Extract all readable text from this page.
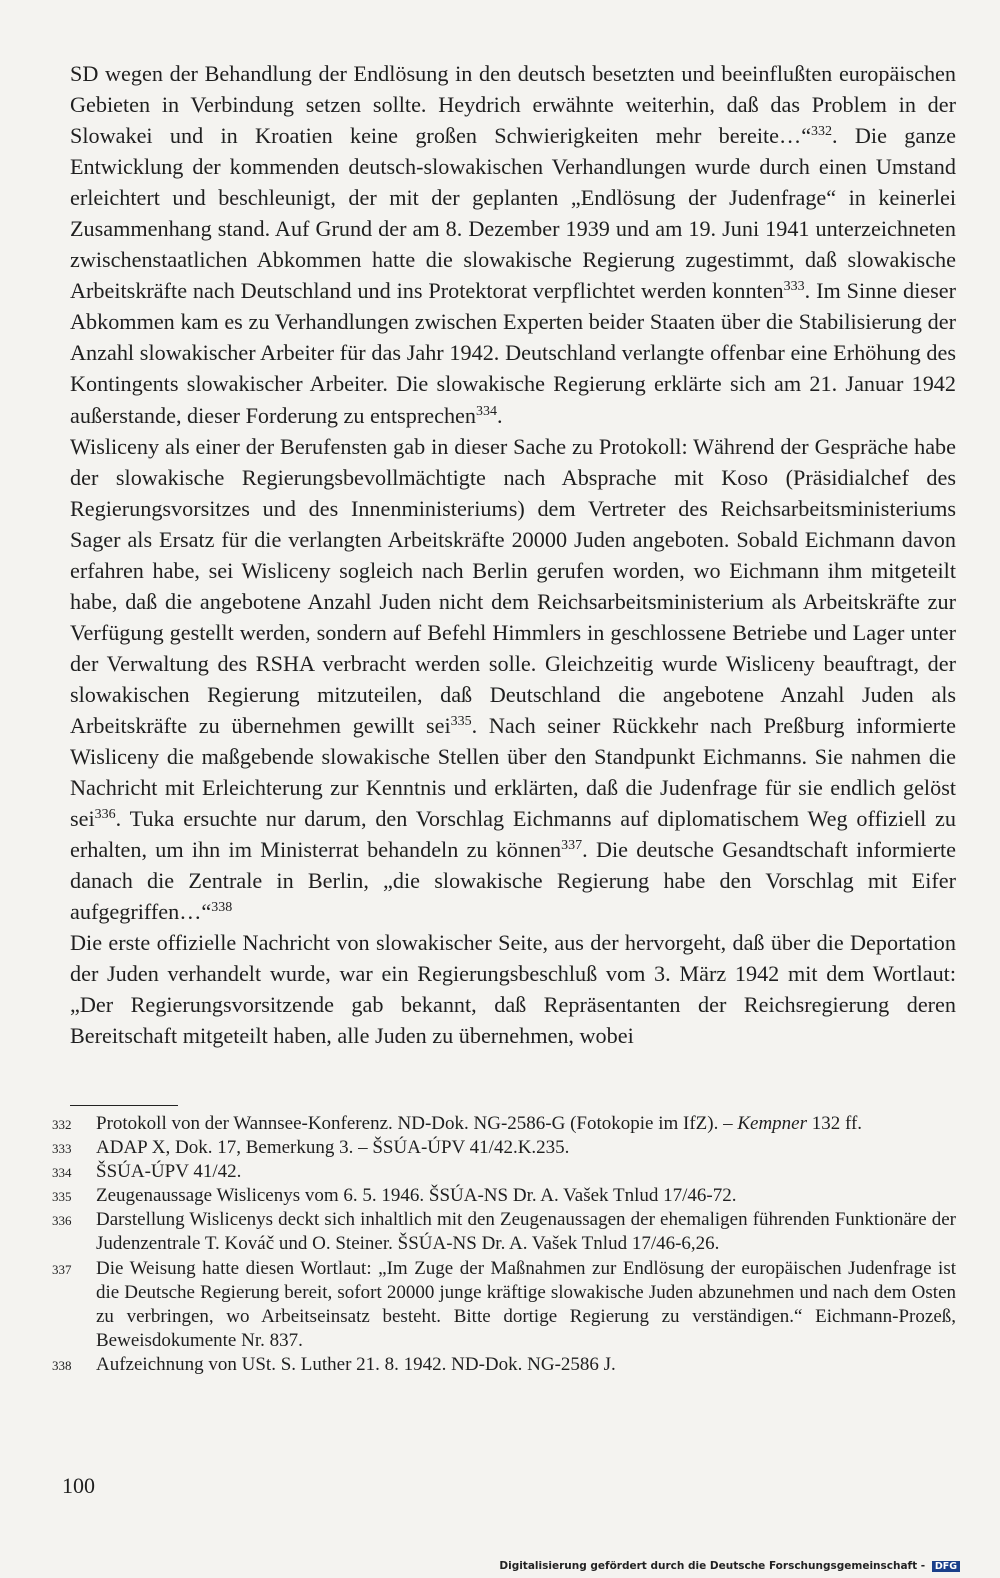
SD wegen der Behandlung der Endlösung in den deutsch besetzten und beeinflußten europäischen Gebieten in Verbindung setzen sollte. Heydrich erwähnte weiterhin, daß das Problem in der Slowakei und in Kroatien keine großen Schwierigkeiten mehr bereite…“$^{332}$. Die ganze Entwicklung der kommenden deutsch-slowakischen Verhandlungen wurde durch einen Umstand erleichtert und beschleunigt, der mit der geplanten „Endlösung der Judenfrage“ in keinerlei Zusammenhang stand. Auf Grund der am 8. Dezember 1939 und am 19. Juni 1941 unterzeichneten zwischenstaatlichen Abkommen hatte die slowakische Regierung zugestimmt, daß slowakische Arbeitskräfte nach Deutschland und ins Protektorat verpflichtet werden konnten$^{333}$. Im Sinne dieser Abkommen kam es zu Verhandlungen zwischen Experten beider Staaten über die Stabilisierung der Anzahl slowakischer Arbeiter für das Jahr 1942. Deutschland verlangte offenbar eine Erhöhung des Kontingents slowakischer Arbeiter. Die slowakische Regierung erklärte sich am 21. Januar 1942 außerstande, dieser Forderung zu entsprechen$^{334}$.

Wisliceny als einer der Berufensten gab in dieser Sache zu Protokoll: Während der Gespräche habe der slowakische Regierungsbevollmächtigte nach Absprache mit Koso (Präsidialchef des Regierungsvorsitzes und des Innenministeriums) dem Vertreter des Reichsarbeitsministeriums Sager als Ersatz für die verlangten Arbeitskräfte 20000 Juden angeboten. Sobald Eichmann davon erfahren habe, sei Wisliceny sogleich nach Berlin gerufen worden, wo Eichmann ihm mitgeteilt habe, daß die angebotene Anzahl Juden nicht dem Reichsarbeitsministerium als Arbeitskräfte zur Verfügung gestellt werden, sondern auf Befehl Himmlers in geschlossene Betriebe und Lager unter der Verwaltung des RSHA verbracht werden solle. Gleichzeitig wurde Wisliceny beauftragt, der slowakischen Regierung mitzuteilen, daß Deutschland die angebotene Anzahl Juden als Arbeitskräfte zu übernehmen gewillt sei$^{335}$. Nach seiner Rückkehr nach Preßburg informierte Wisliceny die maßgebende slowakische Stellen über den Standpunkt Eichmanns. Sie nahmen die Nachricht mit Erleichterung zur Kenntnis und erklärten, daß die Judenfrage für sie endlich gelöst sei$^{336}$. Tuka ersuchte nur darum, den Vorschlag Eichmanns auf diplomatischem Weg offiziell zu erhalten, um ihn im Ministerrat behandeln zu können$^{337}$. Die deutsche Gesandtschaft informierte danach die Zentrale in Berlin, „die slowakische Regierung habe den Vorschlag mit Eifer aufgegriffen…“$^{338}$

Die erste offizielle Nachricht von slowakischer Seite, aus der hervorgeht, daß über die Deportation der Juden verhandelt wurde, war ein Regierungsbeschluß vom 3. März 1942 mit dem Wortlaut: „Der Regierungsvorsitzende gab bekannt, daß Repräsentanten der Reichsregierung deren Bereitschaft mitgeteilt haben, alle Juden zu übernehmen, wobei

332 Protokoll von der Wannsee-Konferenz. ND-Dok. NG-2586-G (Fotokopie im IfZ). – Kempner 132 ff.
333 ADAP X, Dok. 17, Bemerkung 3. – ŠSÚA-ÚPV 41/42.K.235.
334 ŠSÚA-ÚPV 41/42.
335 Zeugenaussage Wislicenys vom 6. 5. 1946. ŠSÚA-NS Dr. A. Vašek Tnlud 17/46-72.
336 Darstellung Wislicenys deckt sich inhaltlich mit den Zeugenaussagen der ehemaligen führenden Funktionäre der Judenzentrale T. Kováč und O. Steiner. ŠSÚA-NS Dr. A. Vašek Tnlud 17/46-6,26.
337 Die Weisung hatte diesen Wortlaut: „Im Zuge der Maßnahmen zur Endlösung der europäischen Judenfrage ist die Deutsche Regierung bereit, sofort 20000 junge kräftige slowakische Juden abzunehmen und nach dem Osten zu verbringen, wo Arbeitseinsatz besteht. Bitte dortige Regierung zu verständigen.“ Eichmann-Prozeß, Beweisdokumente Nr. 837.
338 Aufzeichnung von USt. S. Luther 21. 8. 1942. ND-Dok. NG-2586 J.
100
Digitalisierung gefördert durch die Deutsche Forschungsgemeinschaft - DFG
